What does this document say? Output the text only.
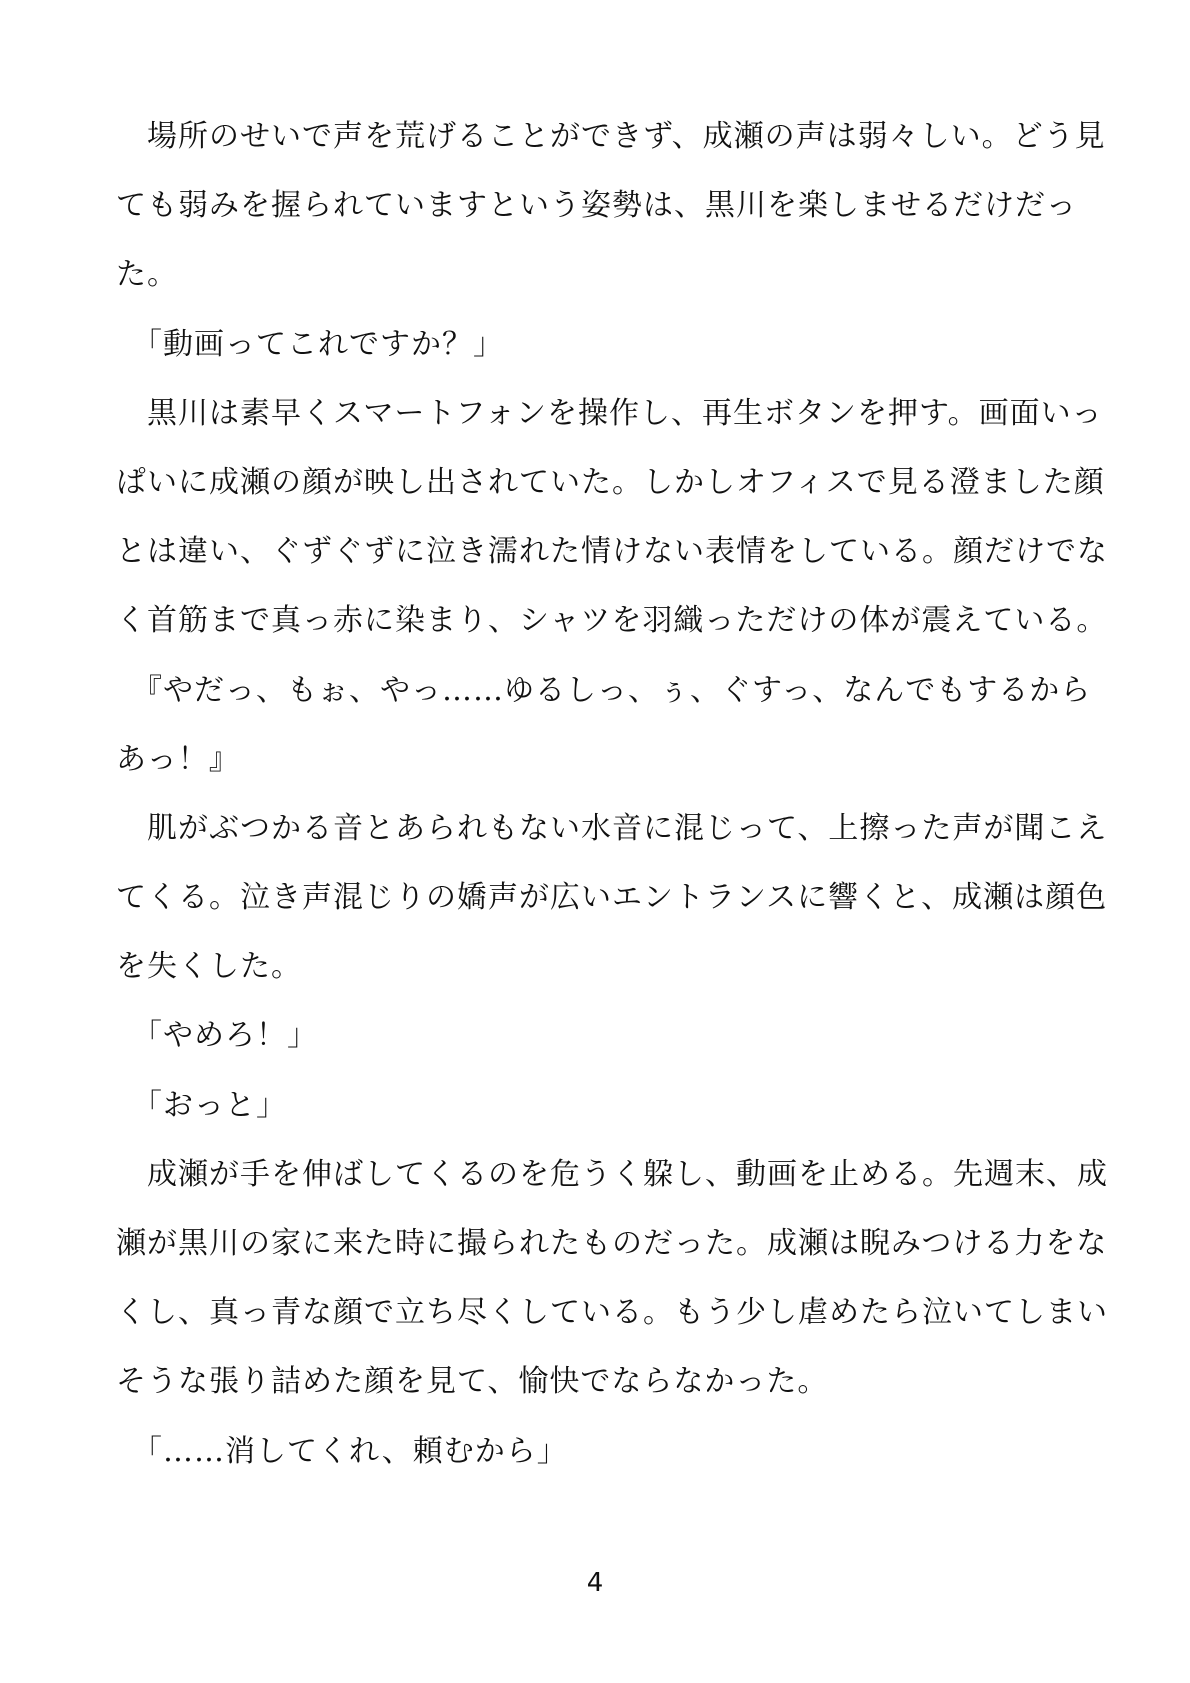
　場所のせいで声を荒げることができず、成瀬の声は弱々しい。どう見
ても弱みを握られていますという姿勢は、黒川を楽しませるだけだっ
た。
　「動画ってこれですか？」
　黒川は素早くスマートフォンを操作し、再生ボタンを押す。画面いっ
ぱいに成瀬の顔が映し出されていた。しかしオフィスで見る澄ました顔
とは違い、ぐずぐずに泣き濡れた情けない表情をしている。顔だけでな
く首筋まで真っ赤に染まり、シャツを羽織っただけの体が震えている。
　『やだっ、もぉ、やっ……ゆるしっ、ぅ、ぐすっ、なんでもするから
あっ！』
　肌がぶつかる音とあられもない水音に混じって、上擦った声が聞こえ
てくる。泣き声混じりの嬌声が広いエントランスに響くと、成瀬は顔色
を失くした。
　「やめろ！」
　「おっと」
　成瀬が手を伸ばしてくるのを危うく躱し、動画を止める。先週末、成
瀬が黒川の家に来た時に撮られたものだった。成瀬は睨みつける力をな
くし、真っ青な顔で立ち尽くしている。もう少し虐めたら泣いてしまい
そうな張り詰めた顔を見て、愉快でならなかった。
　「……消してくれ、頼むから」
4
